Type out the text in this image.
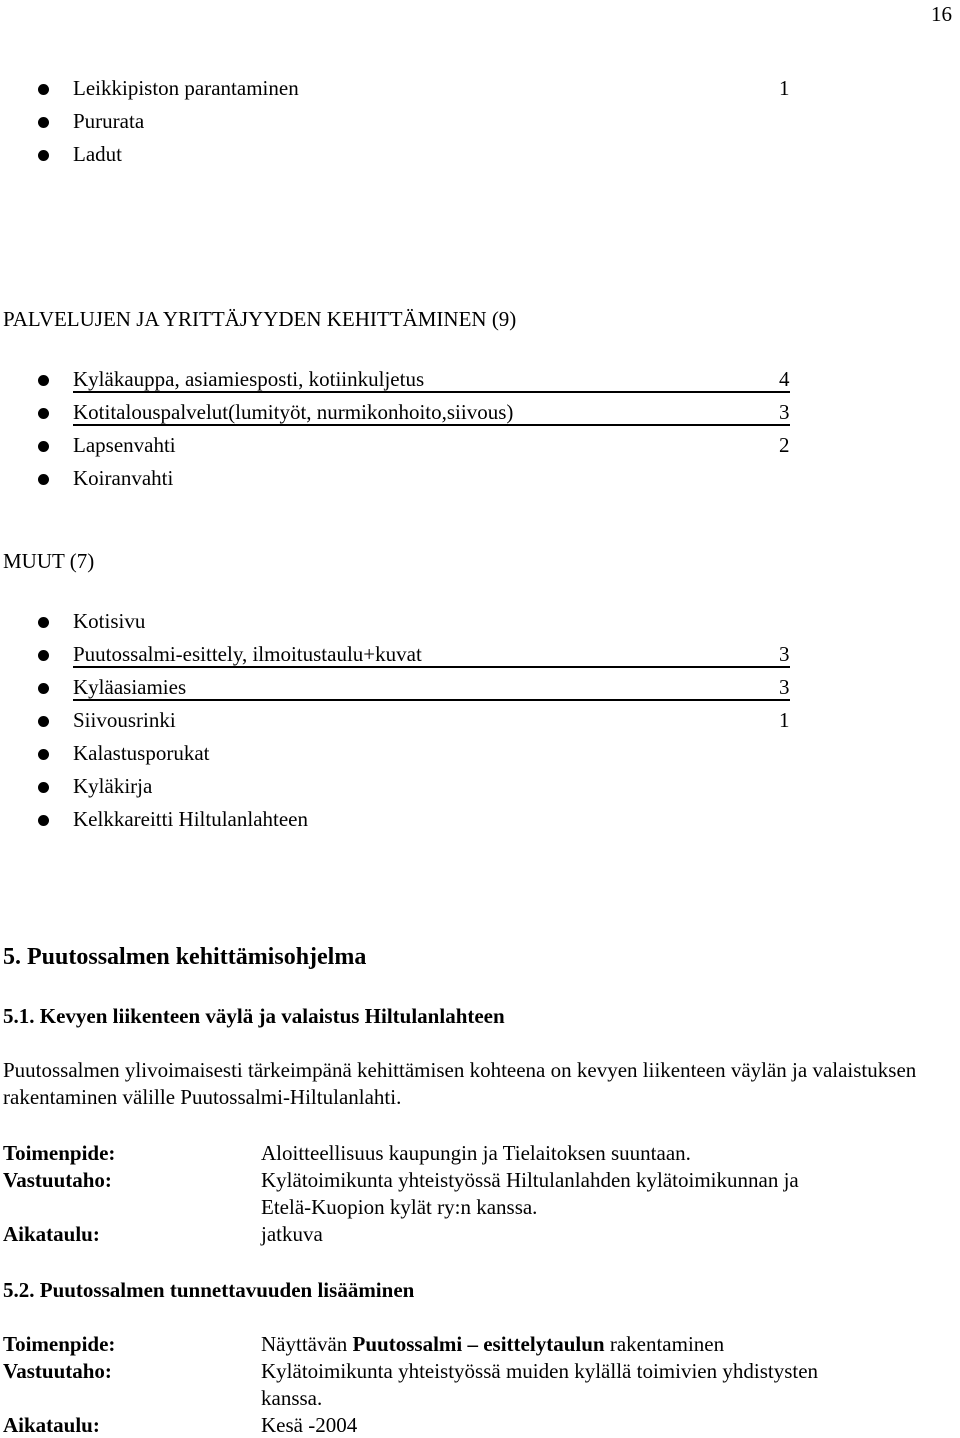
16
Leikkipiston parantaminen	1
Pururata
Ladut
PALVELUJEN JA YRITTÄJYYDEN KEHITTÄMINEN (9)
Kyläkauppa, asiamiesposti, kotiinkuljetus	4
Kotitalouspalvelut(lumityöt, nurmikonhoito,siivous)	3
Lapsenvahti	2
Koiranvahti
MUUT (7)
Kotisivu
Puutossalmi-esittely, ilmoitustaulu+kuvat	3
Kyläasiamies	3
Siivousrinki	1
Kalastusporukat
Kyläkirja
Kelkkareitti Hiltulanlahteen
5. Puutossalmen kehittämisohjelma
5.1. Kevyen liikenteen väylä ja valaistus Hiltulanlahteen
Puutossalmen ylivoimaisesti tärkeimpänä kehittämisen kohteena on kevyen liikenteen väylän ja valaistuksen rakentaminen välille Puutossalmi-Hiltulanlahti.
Toimenpide:	Aloitteellisuus kaupungin ja Tielaitoksen suuntaan.
Vastuutaho:	Kylätoimikunta yhteistyössä Hiltulanlahden kylätoimikunnan ja
Etelä-Kuopion kylät ry:n kanssa.
Aikataulu:	jatkuva
5.2. Puutossalmen tunnettavuuden lisääminen
Toimenpide:	Näyttävän Puutossalmi – esittelytaulun rakentaminen
Vastuutaho:	Kylätoimikunta yhteistyössä muiden kylällä toimivien yhdistysten
kanssa.
Aikataulu:	Kesä -2004
